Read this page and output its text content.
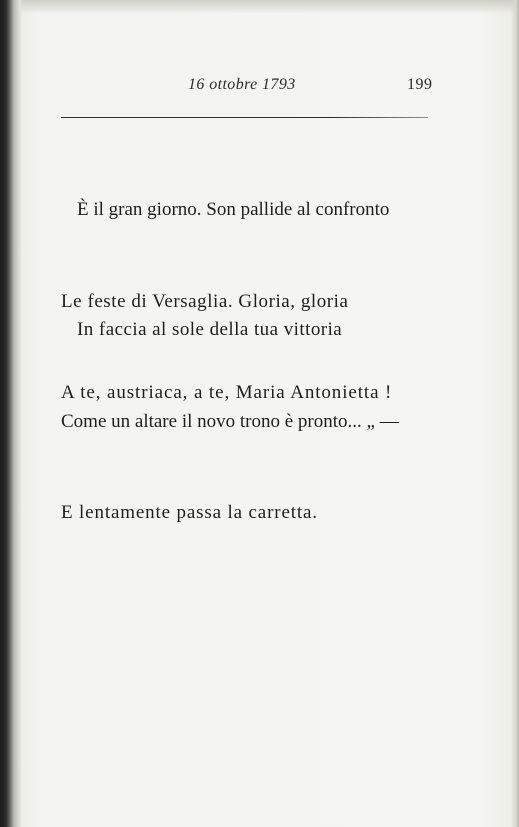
16 ottobre 1793	199

È il gran giorno. Son pallide al confronto

Le feste di Versaglia. Gloria, gloria

A te, austriaca, a te, Maria Antonietta !

In faccia al sole della tua vittoria

Come un altare il novo trono è pronto... „ —

E lentamente passa la carretta.
